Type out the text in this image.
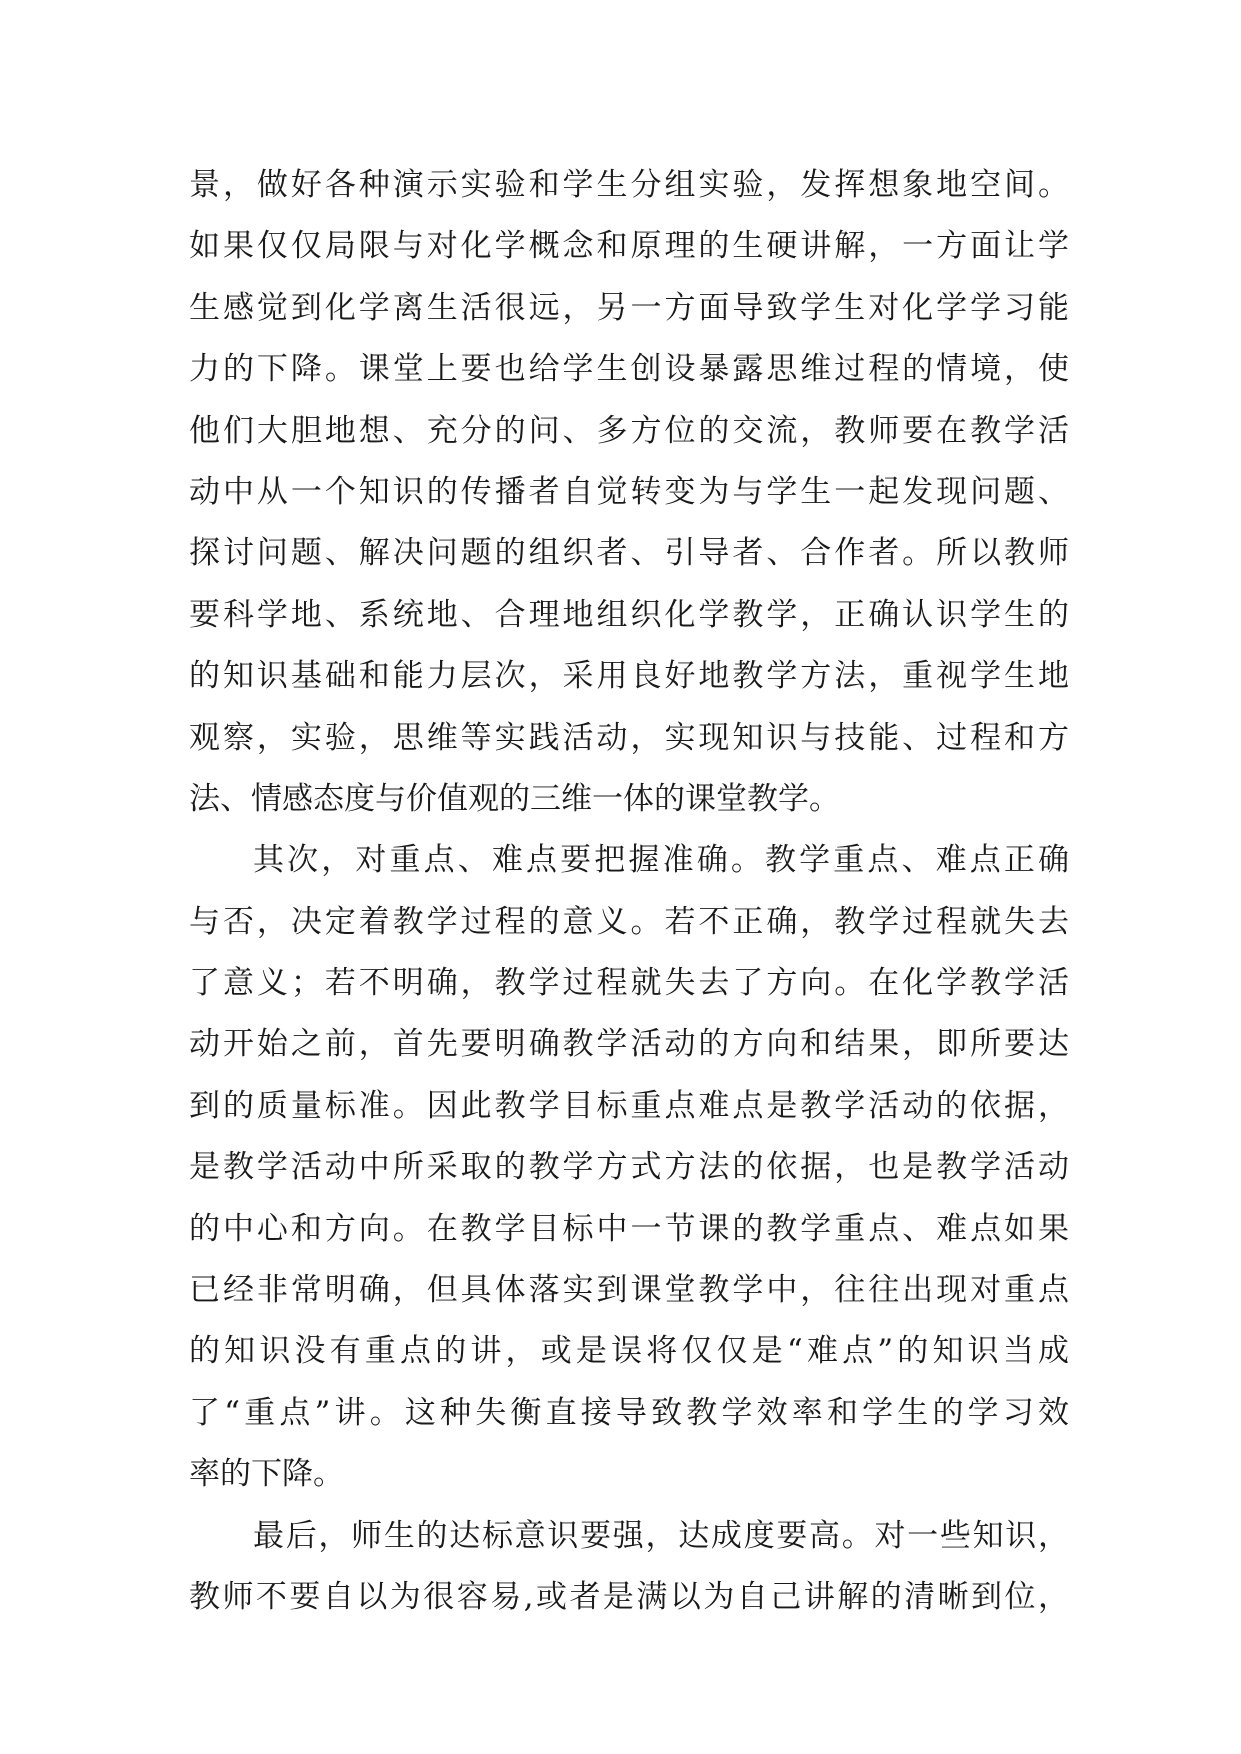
景，做好各种演示实验和学生分组实验，发挥想象地空间。
如果仅仅局限与对化学概念和原理的生硬讲解，一方面让学
生感觉到化学离生活很远，另一方面导致学生对化学学习能
力的下降。课堂上要也给学生创设暴露思维过程的情境，使
他们大胆地想、充分的问、多方位的交流，教师要在教学活
动中从一个知识的传播者自觉转变为与学生一起发现问题、
探讨问题、解决问题的组织者、引导者、合作者。所以教师
要科学地、系统地、合理地组织化学教学，正确认识学生的
的知识基础和能力层次，采用良好地教学方法，重视学生地
观察，实验，思维等实践活动，实现知识与技能、过程和方
法、情感态度与价值观的三维一体的课堂教学。
其次，对重点、难点要把握准确。教学重点、难点正确
与否，决定着教学过程的意义。若不正确，教学过程就失去
了意义；若不明确，教学过程就失去了方向。在化学教学活
动开始之前，首先要明确教学活动的方向和结果，即所要达
到的质量标准。因此教学目标重点难点是教学活动的依据，
是教学活动中所采取的教学方式方法的依据，也是教学活动
的中心和方向。在教学目标中一节课的教学重点、难点如果
已经非常明确，但具体落实到课堂教学中，往往出现对重点
的知识没有重点的讲，或是误将仅仅是“难点”的知识当成
了“重点”讲。这种失衡直接导致教学效率和学生的学习效
率的下降。
最后，师生的达标意识要强，达成度要高。对一些知识，
教师不要自以为很容易,或者是满以为自己讲解的清晰到位，
